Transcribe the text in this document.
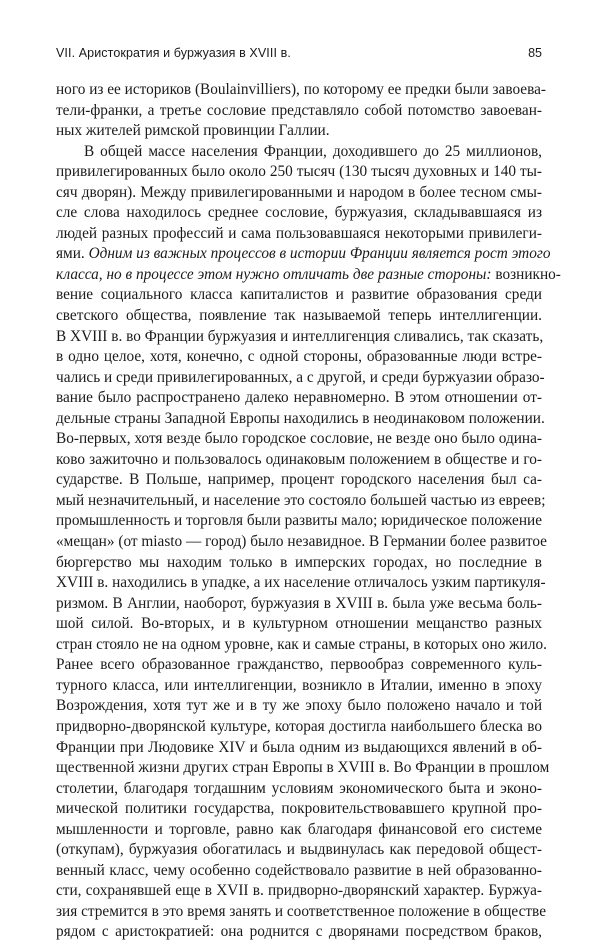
VII. Аристократия и буржуазия в XVIII в.	85
ного из ее историков (Boulainvilliers), по которому ее предки были завоева-
тели-франки, а третье сословие представляло собой потомство завоеван-
ных жителей римской провинции Галлии.
В общей массе населения Франции, доходившего до 25 миллионов,
привилегированных было около 250 тысяч (130 тысяч духовных и 140 ты-
сяч дворян). Между привилегированными и народом в более тесном смы-
сле слова находилось среднее сословие, буржуазия, складывавшаяся из
людей разных профессий и сама пользовавшаяся некоторыми привилеги-
ями. Одним из важных процессов в истории Франции является рост этого
класса, но в процессе этом нужно отличать две разные стороны: возникно-
вение социального класса капиталистов и развитие образования среди
светского общества, появление так называемой теперь интеллигенции.
В XVIII в. во Франции буржуазия и интеллигенция сливались, так сказать,
в одно целое, хотя, конечно, с одной стороны, образованные люди встре-
чались и среди привилегированных, а с другой, и среди буржуазии образо-
вание было распространено далеко неравномерно. В этом отношении от-
дельные страны Западной Европы находились в неодинаковом положении.
Во-первых, хотя везде было городское сословие, не везде оно было одина-
ково зажиточно и пользовалось одинаковым положением в обществе и го-
сударстве. В Польше, например, процент городского населения был са-
мый незначительный, и население это состояло большей частью из евреев;
промышленность и торговля были развиты мало; юридическое положение
«мещан» (от miasto — город) было незавидное. В Германии более развитое
бюргерство мы находим только в имперских городах, но последние в
XVIII в. находились в упадке, а их население отличалось узким партикуля-
ризмом. В Англии, наоборот, буржуазия в XVIII в. была уже весьма боль-
шой силой. Во-вторых, и в культурном отношении мещанство разных
стран стояло не на одном уровне, как и самые страны, в которых оно жило.
Ранее всего образованное гражданство, первообраз современного куль-
турного класса, или интеллигенции, возникло в Италии, именно в эпоху
Возрождения, хотя тут же и в ту же эпоху было положено начало и той
придворно-дворянской культуре, которая достигла наибольшего блеска во
Франции при Людовике XIV и была одним из выдающихся явлений в об-
щественной жизни других стран Европы в XVIII в. Во Франции в прошлом
столетии, благодаря тогдашним условиям экономического быта и эконо-
мической политики государства, покровительствовавшего крупной про-
мышленности и торговле, равно как благодаря финансовой его системе
(откупам), буржуазия обогатилась и выдвинулась как передовой общест-
венный класс, чему особенно содействовало развитие в ней образованно-
сти, сохранявшей еще в XVII в. придворно-дворянский характер. Буржуа-
зия стремится в это время занять и соответственное положение в обществе
рядом с аристократией: она роднится с дворянами посредством браков,
